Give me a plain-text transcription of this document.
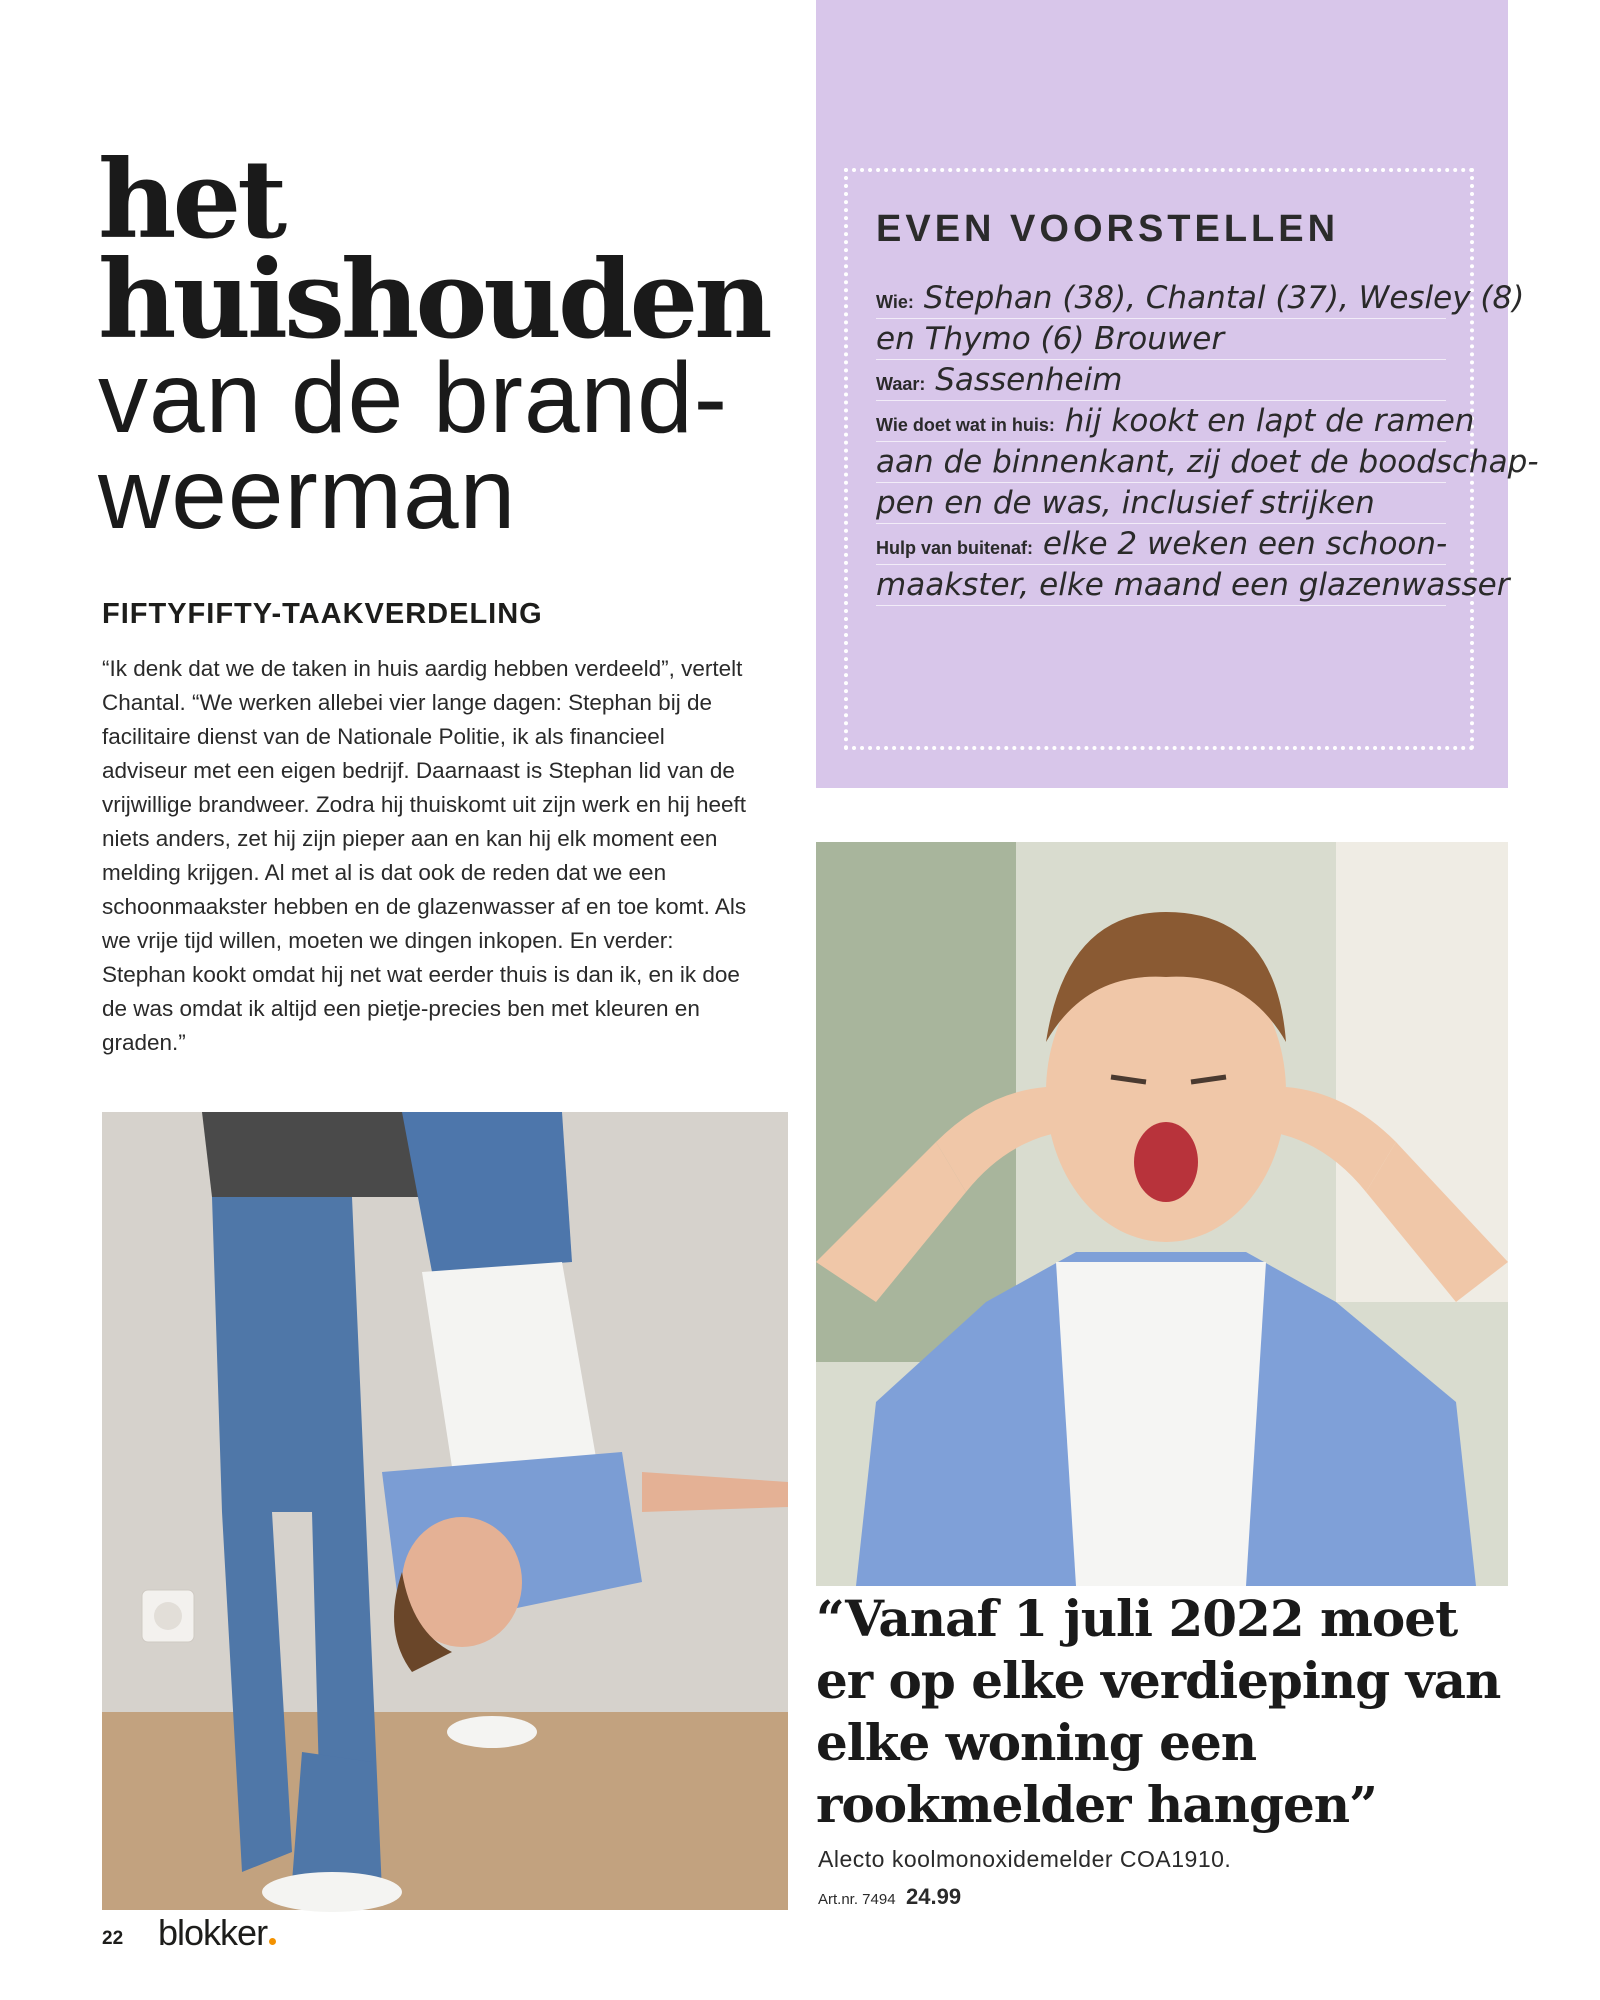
het
huishouden
van de brand-
weerman
FIFTYFIFTY-TAAKVERDELING

“Ik denk dat we de taken in huis aardig hebben verdeeld”, vertelt Chantal. “We werken allebei vier lange dagen: Stephan bij de facilitaire dienst van de Nationale Politie, ik als financieel adviseur met een eigen bedrijf. Daarnaast is Stephan lid van de vrijwillige brandweer. Zodra hij thuiskomt uit zijn werk en hij heeft niets anders, zet hij zijn pieper aan en kan hij elk moment een melding krijgen. Al met al is dat ook de reden dat we een schoonmaakster hebben en de glazenwasser af en toe komt. Als we vrije tijd willen, moeten we dingen inkopen. En verder: Stephan kookt omdat hij net wat eerder thuis is dan ik, en ik doe de was omdat ik altijd een pietje-precies ben met kleuren en graden.”

EVEN VOORSTELLEN
Wie: Stephan (38), Chantal (37), Wesley (8)
en Thymo (6) Brouwer
Waar: Sassenheim
Wie doet wat in huis: hij kookt en lapt de ramen
aan de binnenkant, zij doet de boodschap-
pen en de was, inclusief strijken
Hulp van buitenaf: elke 2 weken een schoon-
maakster, elke maand een glazenwasser

“Vanaf 1 juli 2022 moet er op elke verdieping van elke woning een rookmelder hangen”

Alecto koolmonoxidemelder COA1910.
Art.nr. 7494 24.99
22 blokker
